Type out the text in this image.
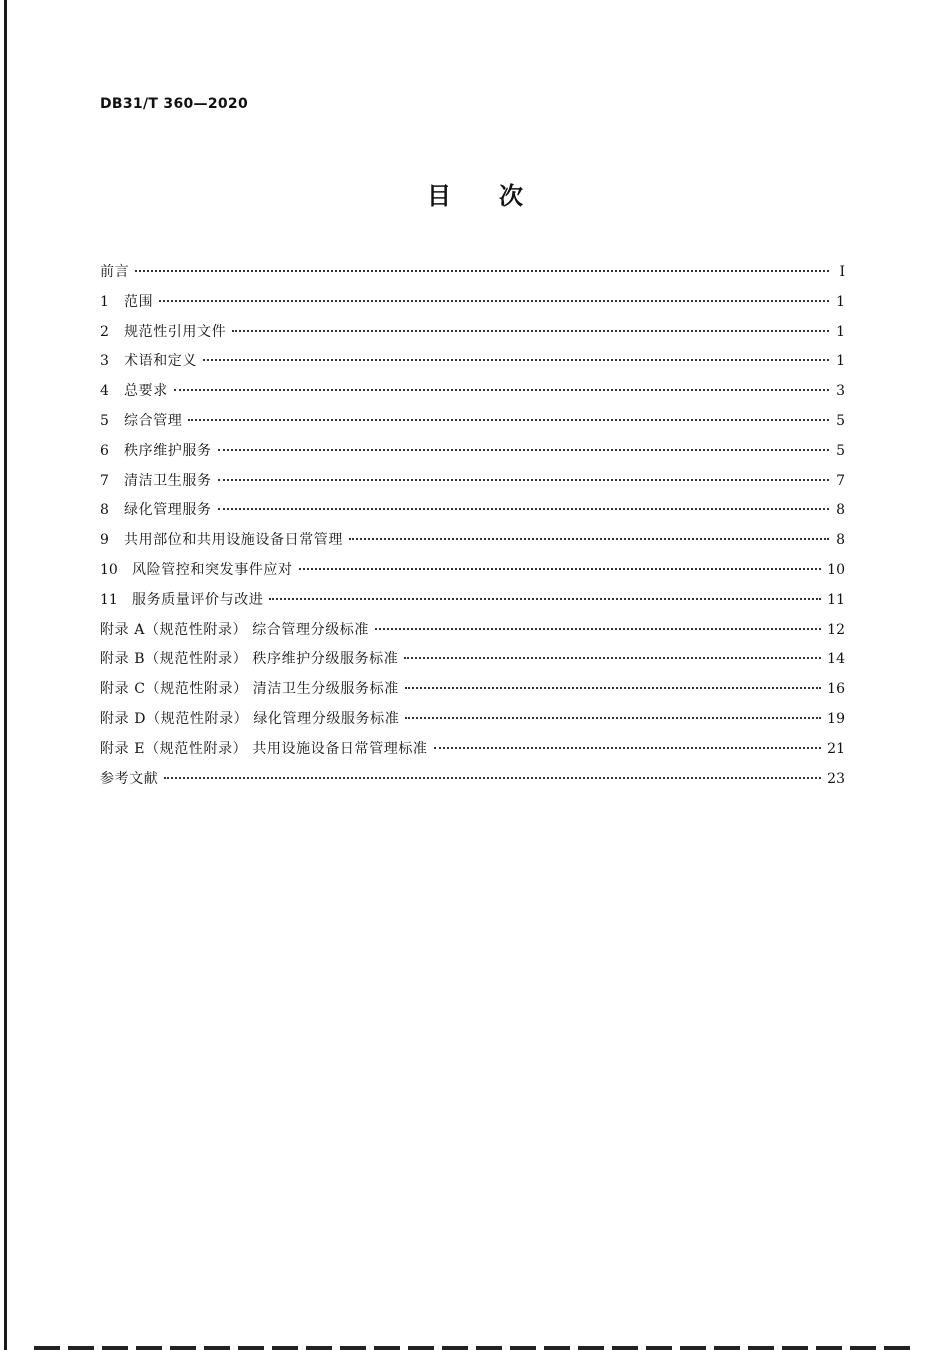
DB31/T 360—2020
目次
前言	I
1	范围	1
2	规范性引用文件	1
3	术语和定义	1
4	总要求	3
5	综合管理	5
6	秩序维护服务	5
7	清洁卫生服务	7
8	绿化管理服务	8
9	共用部位和共用设施设备日常管理	8
10	风险管控和突发事件应对	10
11	服务质量评价与改进	11
附录 A（规范性附录） 综合管理分级标准	12
附录 B（规范性附录） 秩序维护分级服务标准	14
附录 C（规范性附录） 清洁卫生分级服务标准	16
附录 D（规范性附录） 绿化管理分级服务标准	19
附录 E（规范性附录） 共用设施设备日常管理标准	21
参考文献	23
